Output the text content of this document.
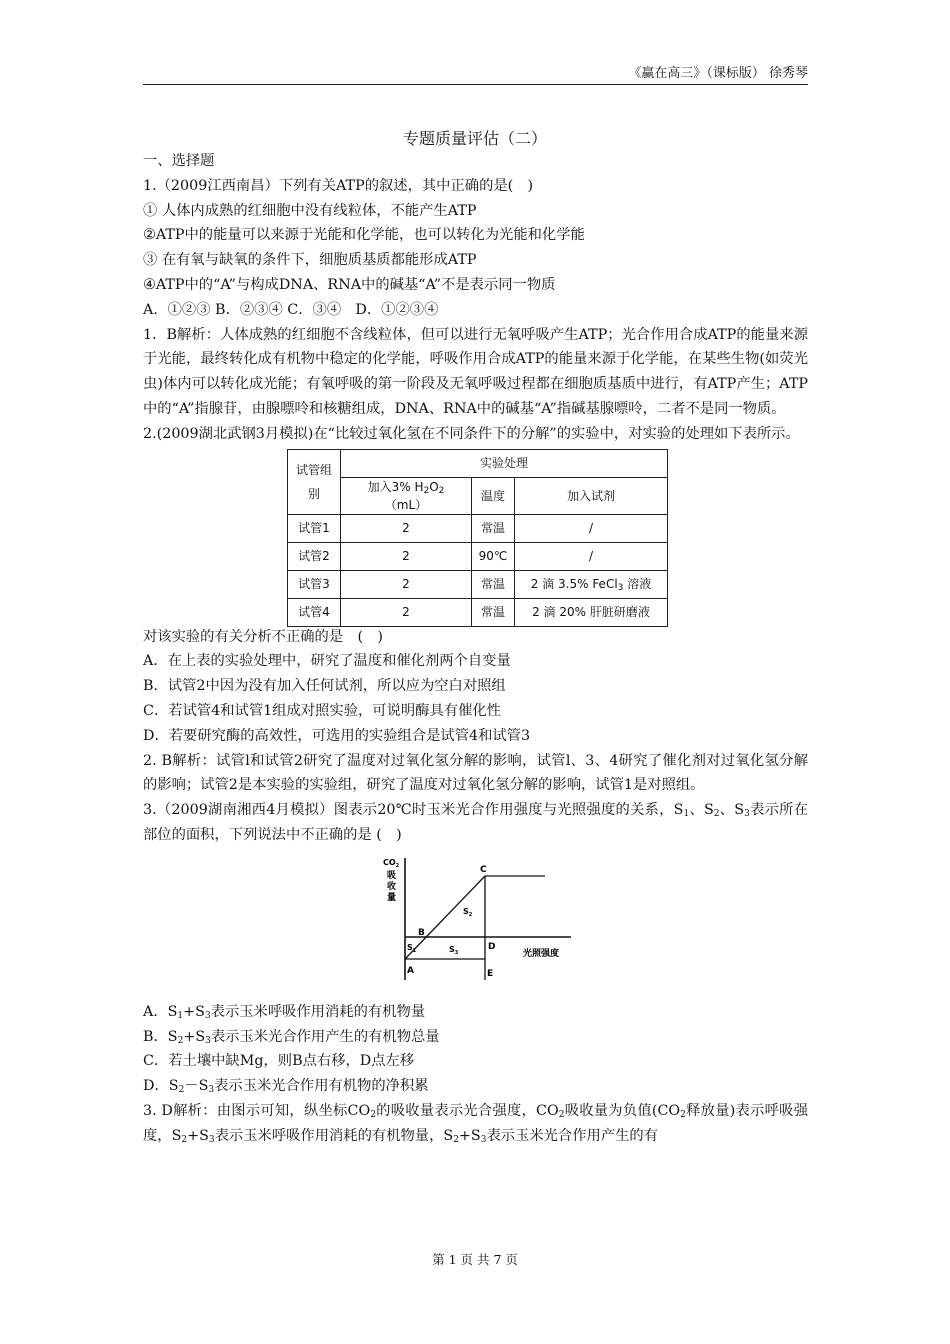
《赢在高三》（课标版） 徐秀琴
专题质量评估（二）

一、选择题

1.（2009江西南昌）下列有关ATP的叙述，其中正确的是(　)

① 人体内成熟的红细胞中没有线粒体，不能产生ATP

②ATP中的能量可以来源于光能和化学能，也可以转化为光能和化学能

③ 在有氧与缺氧的条件下，细胞质基质都能形成ATP

④ATP中的“A”与构成DNA、RNA中的碱基“A”不是表示同一物质

A．①②③ B．②③④ C．③④　D．①②③④

1．B解析：人体成熟的红细胞不含线粒体，但可以进行无氧呼吸产生ATP；光合作用合成ATP的能量来源于光能，最终转化成有机物中稳定的化学能，呼吸作用合成ATP的能量来源于化学能，在某些生物(如荧光虫)体内可以转化成光能；有氧呼吸的第一阶段及无氧呼吸过程都在细胞质基质中进行，有ATP产生；ATP中的“A”指腺苷，由腺嘌呤和核糖组成，DNA、RNA中的碱基“A”指碱基腺嘌呤，二者不是同一物质。

2.(2009湖北武钢3月模拟)在“比较过氧化氢在不同条件下的分解”的实验中，对实验的处理如下表所示。

试管组别	实验处理		
	加入3% $H_2O_2(mL)$	温度	加入试剂
试管1	2	常温	/
试管2	2	90℃	/
试管3	2	常温	2 滴 3.5% FeCl$_3$ 溶液
试管4	2	常温	2 滴 20% 肝脏研磨液

对该实验的有关分析不正确的是　(　)

A．在上表的实验处理中，研究了温度和催化剂两个自变量

B．试管2中因为没有加入任何试剂，所以应为空白对照组

C．若试管4和试管1组成对照实验，可说明酶具有催化性

D．若要研究酶的高效性，可选用的实验组合是试管4和试管3

2. B解析：试管l和试管2研究了温度对过氧化氢分解的影响，试管l、3、4研究了催化剂对过氧化氢分解的影响；试管2是本实验的实验组，研究了温度对过氧化氢分解的影响，试管1是对照组。

3.（2009湖南湘西4月模拟）图表示20℃时玉米光合作用强度与光照强度的关系，$S_1$、$S_2$、$S_3$表示所在部位的面积，下列说法中不正确的是 (　)

$CO_2$
吸
收
量
光照强度
C
B
D
A	E
$S_1$
$S_2$
$S_3$

A．$S_1+S_3$表示玉米呼吸作用消耗的有机物量

B．$S_2+S_3$表示玉米光合作用产生的有机物总量

C．若土壤中缺Mg，则B点右移，D点左移

D．$S_2-S_3$表示玉米光合作用有机物的净积累

3. D解析：由图示可知，纵坐标$CO_2$的吸收量表示光合强度，$CO_2$吸收量为负值($CO_2$释放量)表示呼吸强度，$S_2+S_3$表示玉米呼吸作用消耗的有机物量，$S_2+S_3$表示玉米光合作用产生的有

第 1 页 共 7 页
